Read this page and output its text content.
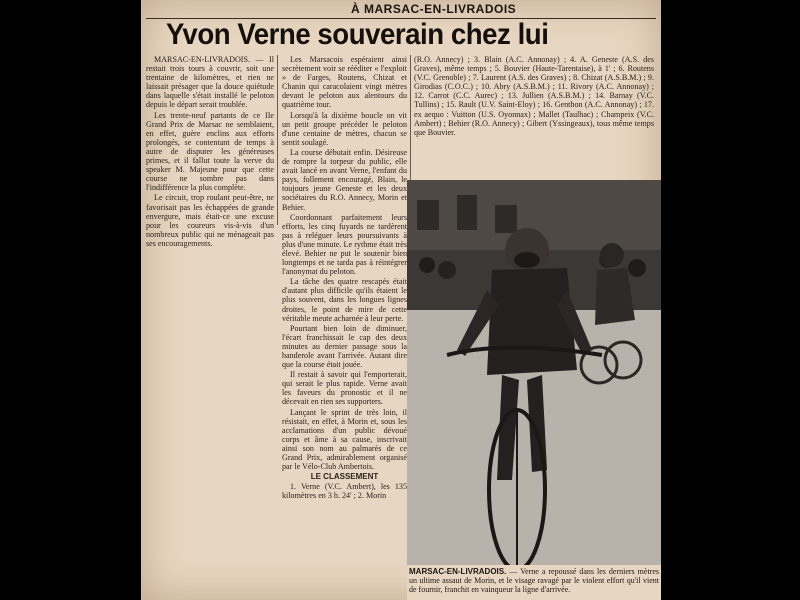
À MARSAC-EN-LIVRADOIS
Yvon Verne souverain chez lui

MARSAC-EN-LIVRADOIS. — Il restait trois tours à couvrir, soit une trentaine de kilomètres, et rien ne laissait présager que la douce quiétude dans laquelle s'était installé le peloton depuis le départ serait troublée.

Les trente-neuf partants de ce IIe Grand Prix de Marsac ne semblaient, en effet, guère enclins aux efforts prolongés, se contentant de temps à autre de disputer les généreuses primes, et il fallut toute la verve du speaker M. Majeune pour que cette course ne sombre pas dans l'indifférence la plus complète.

Le circuit, trop roulant peut-être, ne favorisait pas les échappées de grande envergure, mais était-ce une excuse pour les coureurs vis-à-vis d'un nombreux public qui ne ménageait pas ses encouragements.

Les Marsacois espéraient ainsi secrètement voir se rééditer « l'exploit » de Farges, Routens, Chizat et Chanin qui caracolaient vingt mètres devant le peloton aux alentours du quatrième tour.

Lorsqu'à la dixième boucle on vit un petit groupe précéder le peloton d'une centaine de mètres, chacun se sentit soulagé.

La course débutait enfin. Désireuse de rompre la torpeur du public, elle avait lancé en avant Verne, l'enfant du pays, follement encouragé, Blain, le toujours jeune Geneste et les deux sociétaires du R.O. Annecy, Morin et Behier.

Coordonnant parfaitement leurs efforts, les cinq fuyards ne tardèrent pas à reléguer leurs poursuivants à plus d'une minute. Le rythme était très élevé. Behier ne put le soutenir bien longtemps et ne tarda pas à réintégrer l'anonymat du peloton.

La tâche des quatre rescapés était d'autant plus difficile qu'ils étaient le plus souvent, dans les longues lignes droites, le point de mire de cette véritable meute acharnée à leur perte.

Pourtant bien loin de diminuer, l'écart franchissait le cap des deux minutes au dernier passage sous la banderole avant l'arrivée. Autant dire que la course était jouée.

Il restait à savoir qui l'emporterait, qui serait le plus rapide. Verne avait les faveurs du pronostic et il ne décevait en rien ses supporters.

Lançant le sprint de très loin, il résistait, en effet, à Morin et, sous les acclamations d'un public dévoué corps et âme à sa cause, inscrivait ainsi son nom au palmarès de ce Grand Prix, admirablement organisé par le Vélo-Club Ambertois.

LE CLASSEMENT

1. Verne (V.C. Ambert), les 135 kilomètres en 3 h. 24' ; 2. Morin

(R.O. Annecy) ; 3. Blain (A.C. Annonay) ; 4. A. Geneste (A.S. des Graves), même temps ; 5. Bouvier (Haute-Tarentaise), à 1' ; 6. Routens (V.C. Grenoble) ; 7. Laurent (A.S. des Graves) ; 8. Chizat (A.S.B.M.) ; 9. Girodias (C.O.C.) ; 10. Abry (A.S.B.M.) ; 11. Rivory (A.C. Annonay) ; 12. Carrot (C.C. Aurec) ; 13. Jullien (A.S.B.M.) ; 14. Barnay (V.C. Tullins) ; 15. Rault (U.V. Saint-Eloy) ; 16. Genthon (A.C. Annonay) ; 17. ex aequo : Vuitton (U.S. Oyonnax) ; Mallet (Taulhac) ; Champeix (V.C. Ambert) ; Behier (R.O. Annecy) ; Gibert (Yssingeaux), tous même temps que Bouvier.

MARSAC-EN-LIVRADOIS. — Verne a repoussé dans les derniers mètres un ultime assaut de Morin, et le visage ravagé par le violent effort qu'il vient de fournir, franchit en vainqueur la ligne d'arrivée.
